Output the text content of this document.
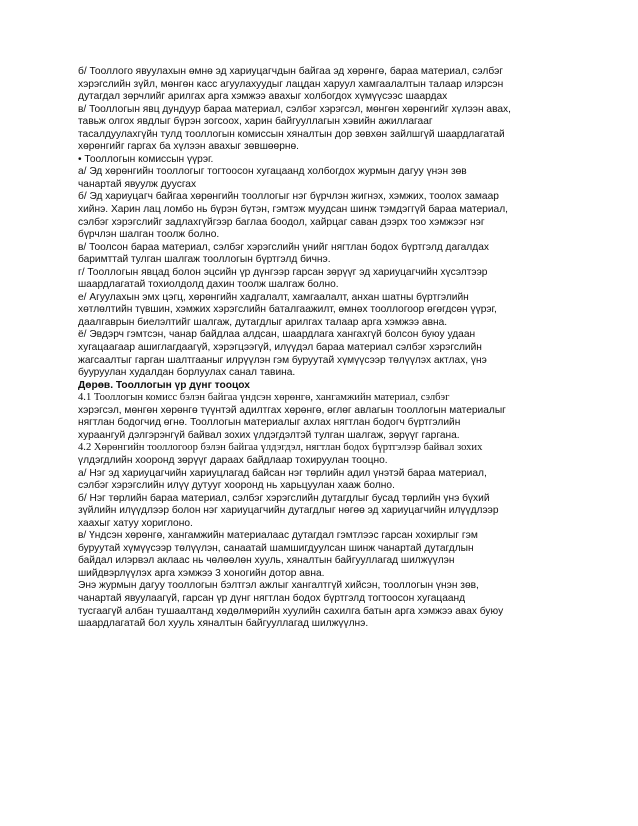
б/ Тооллого явуулахын өмнө эд хариуцагчдын байгаа эд хөрөнгө, бараа материал, сэлбэг
хэрэгслийн зүйл, мөнгөн касс агуулахуудыг лацдан харуул хамгаалалтын талаар илэрсэн
дутагдал зөрчлийг арилгах арга хэмжээ авахыг холбогдох хүмүүсээс шаардах
в/ Тооллогын явц дундуур бараа материал, сэлбэг хэрэгсэл, мөнгөн хөрөнгийг хүлээн авах,
тавьж олгох явдлыг бүрэн зогсоох, харин байгууллагын хэвийн ажиллагааг
тасалдуулахгүйн тулд тооллогын комиссын хяналтын дор зөвхөн зайлшгүй шаардлагатай
хөрөнгийг гаргах ба хүлээн авахыг зөвшөөрнө.
• Тооллогын комиссын үүрэг.
а/ Эд хөрөнгийн тооллогыг тогтоосон хугацаанд холбогдох журмын дагуу үнэн зөв
чанартай явуулж дуусгах
б/ Эд хариуцагч байгаа хөрөнгийн тооллогыг нэг бүрчлэн жигнэх, хэмжих, тоолох замаар
хийнэ. Харин лац ломбо нь бүрэн бүтэн, гэмтэж муудсан шинж тэмдэггүй бараа материал,
сэлбэг хэрэгслийг задлахгүйгээр баглаа боодол, хайрцаг саван дээрх тоо хэмжээг нэг
бүрчлэн шалган тоолж болно.
в/ Тоолсон бараа материал, сэлбэг хэрэгслийн үнийг нягтлан бодох бүртгэлд дагалдах
баримттай тулган шалгаж тооллогын бүртгэлд бичнэ.
г/ Тооллогын явцад болон эцсийн үр дүнгээр гарсан зөрүүг эд хариуцагчийн хүсэлтээр
шаардлагатай тохиолдолд дахин тоолж шалгаж болно.
е/ Агуулахын эмх цэгц, хөрөнгийн хадгалалт, хамгаалалт, анхан шатны бүртгэлийн
хөтлөлтийн түвшин, хэмжих хэрэгслийн баталгаажилт, өмнөх тооллогоор өгөгдсөн үүрэг,
даалгаврын биелэлтийг шалгаж, дутагдлыг арилгах талаар арга хэмжээ авна.
ё/ Эвдэрч гэмтсэн, чанар байдлаа алдсан, шаардлага хангахгүй болсон буюу удаан
хугацаагаар ашиглагдаагүй, хэрэгцээгүй, илүүдэл бараа материал сэлбэг хэрэгслийн
жагсаалтыг гарган шалтгааныг илрүүлэн гэм буруутай хүмүүсээр төлүүлэх актлах, үнэ
бууруулан худалдан борлуулах санал тавина.
Дөрөв. Тооллогын үр дүнг тооцох
4.1 Тооллогын комисс бэлэн байгаа үндсэн хөрөнгө, хангамжийн материал, сэлбэг
хэрэгсэл, мөнгөн хөрөнгө түүнтэй адилтгах хөрөнгө, өглөг авлагын тооллогын материалыг
нягтлан бодогчид өгнө. Тооллогын материалыг ахлах нягтлан бодогч бүртгэлийн
хураангуй дэлгэрэнгүй байвал зохих үлдэгдэлтэй тулган шалгаж, зөрүүг гаргана.
4.2 Хөрөнгийн тооллогоор бэлэн байгаа үлдэгдэл, нягтлан бодох бүртгэлээр байвал зохих
үлдэгдлийн хооронд зөрүүг дараах байдлаар тохируулан тооцно.
а/ Нэг эд хариуцагчийн хариуцлагад байсан нэг төрлийн адил үнэтэй бараа материал,
сэлбэг хэрэгслийн илүү дутууг хооронд нь харьцуулан хааж болно.
б/ Нэг төрлийн бараа материал, сэлбэг хэрэгслийн дутагдлыг бусад төрлийн үнэ бүхий
зүйлийн илүүдлээр болон нэг хариуцагчийн дутагдлыг нөгөө эд хариуцагчийн илүүдлээр
хаахыг хатуу хориглоно.
в/ Үндсэн хөрөнгө, хангамжийн материалаас дутагдал гэмтлээс гарсан хохирлыг гэм
буруутай хүмүүсээр төлүүлэн, санаатай шамшигдуулсан шинж чанартай дутагдлын
байдал илэрвэл аклаас нь чөлөөлөн хууль, хяналтын байгууллагад шилжүүлэн
шийдвэрлүүлэх арга хэмжээ 3 хоногийн дотор авна.
Энэ журмын дагуу тооллогын бэлтгэл ажлыг хангалтгүй хийсэн, тооллогын үнэн зөв,
чанартай явуулаагүй, гарсан үр дүнг нягтлан бодох бүртгэлд тогтоосон хугацаанд
тусгаагүй албан тушаалтанд хөдөлмөрийн хуулийн сахилга батын арга хэмжээ авах буюу
шаардлагатай бол хууль хяналтын байгууллагад шилжүүлнэ.
